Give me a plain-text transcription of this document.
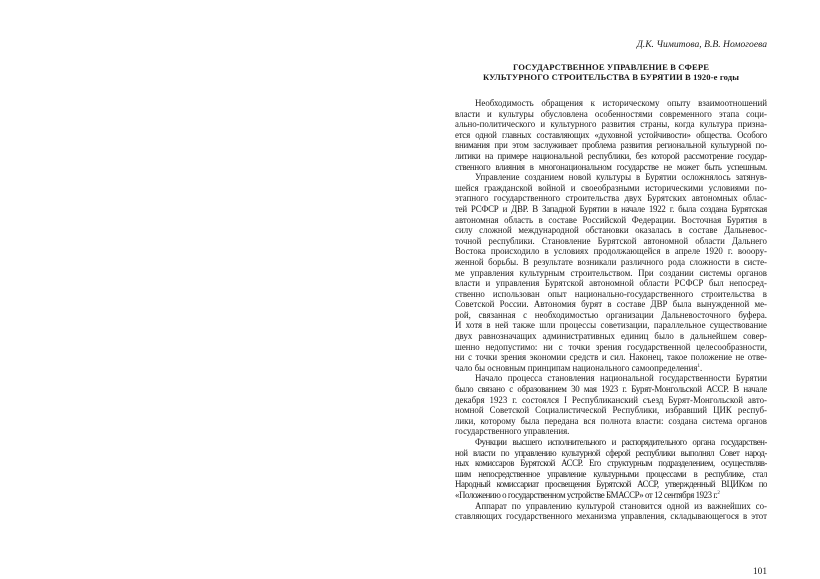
Д.К. Чимитова, В.В. Номогоева
ГОСУДАРСТВЕННОЕ УПРАВЛЕНИЕ В СФЕРЕ
КУЛЬТУРНОГО СТРОИТЕЛЬСТВА В БУРЯТИИ В 1920-е годы
Необходимость обращения к историческому опыту взаимоотношений
власти и культуры обусловлена особенностями современного этапа соци-
ально-политического и культурного развития страны, когда культура призна-
ется одной главных составляющих «духовной устойчивости» общества. Особого
внимания при этом заслуживает проблема развития региональной культурной по-
литики на примере национальной республики, без которой рассмотрение государ-
ственного влияния в многонациональном государстве не может быть успешным.
Управление созданием новой культуры в Бурятии осложнялось затянув-
шейся гражданской войной и своеобразными историческими условиями по-
этапного государственного строительства двух Бурятских автономных облас-
тей РСФСР и ДВР. В Западной Бурятии в начале 1922 г. была создана Бурятская
автономная область в составе Российской Федерации. Восточная Бурятия в
силу сложной международной обстановки оказалась в составе Дальневос-
точной республики. Становление Бурятской автономной области Дальнего
Востока происходило в условиях продолжающейся в апреле 1920 г. вооору-
женной борьбы. В результате возникали различного рода сложности в систе-
ме управления культурным строительством. При создании системы органов
власти и управления Бурятской автономной области РСФСР был непосред-
ственно использован опыт национально-государственного строительства в
Советской России. Автономия бурят в составе ДВР была вынужденной ме-
рой, связанная с необходимостью организации Дальневосточного буфера.
И хотя в ней также шли процессы советизации, параллельное существование
двух равнозначащих административных единиц было в дальнейшем совер-
шенно недопустимо: ни с точки зрения государственной целесообразности,
ни с точки зрения экономии средств и сил. Наконец, такое положение не отве-
чало бы основным принципам национального самоопределения$^1$.
Начало процесса становления национальной государственности Бурятии
было связано с образованием 30 мая 1923 г. Бурят-Монгольской АССР. В начале
декабря 1923 г. состоялся I Республиканский съезд Бурят-Монгольской авто-
номной Советской Социалистической Республики, избравший ЦИК респуб-
лики, которому была передана вся полнота власти: создана система органов
государственного управления.
Функции высшего исполнительного и распорядительного органа государствен-
ной власти по управлению культурной сферой республики выполнял Совет народ-
ных комиссаров Бурятской АССР. Его структурным подразделением, осуществляв-
шим непосредственное управление культурными процессами в республике, стал
Народный комиссариат просвещения Бурятской АССР, утвержденный ВЦИКом по
«Положению о государственном устройстве БМАССР» от 12 сентября 1923 г.$^2$
Аппарат по управлению культурой становится одной из важнейших со-
ставляющих государственного механизма управления, складывающегося в этот
101
